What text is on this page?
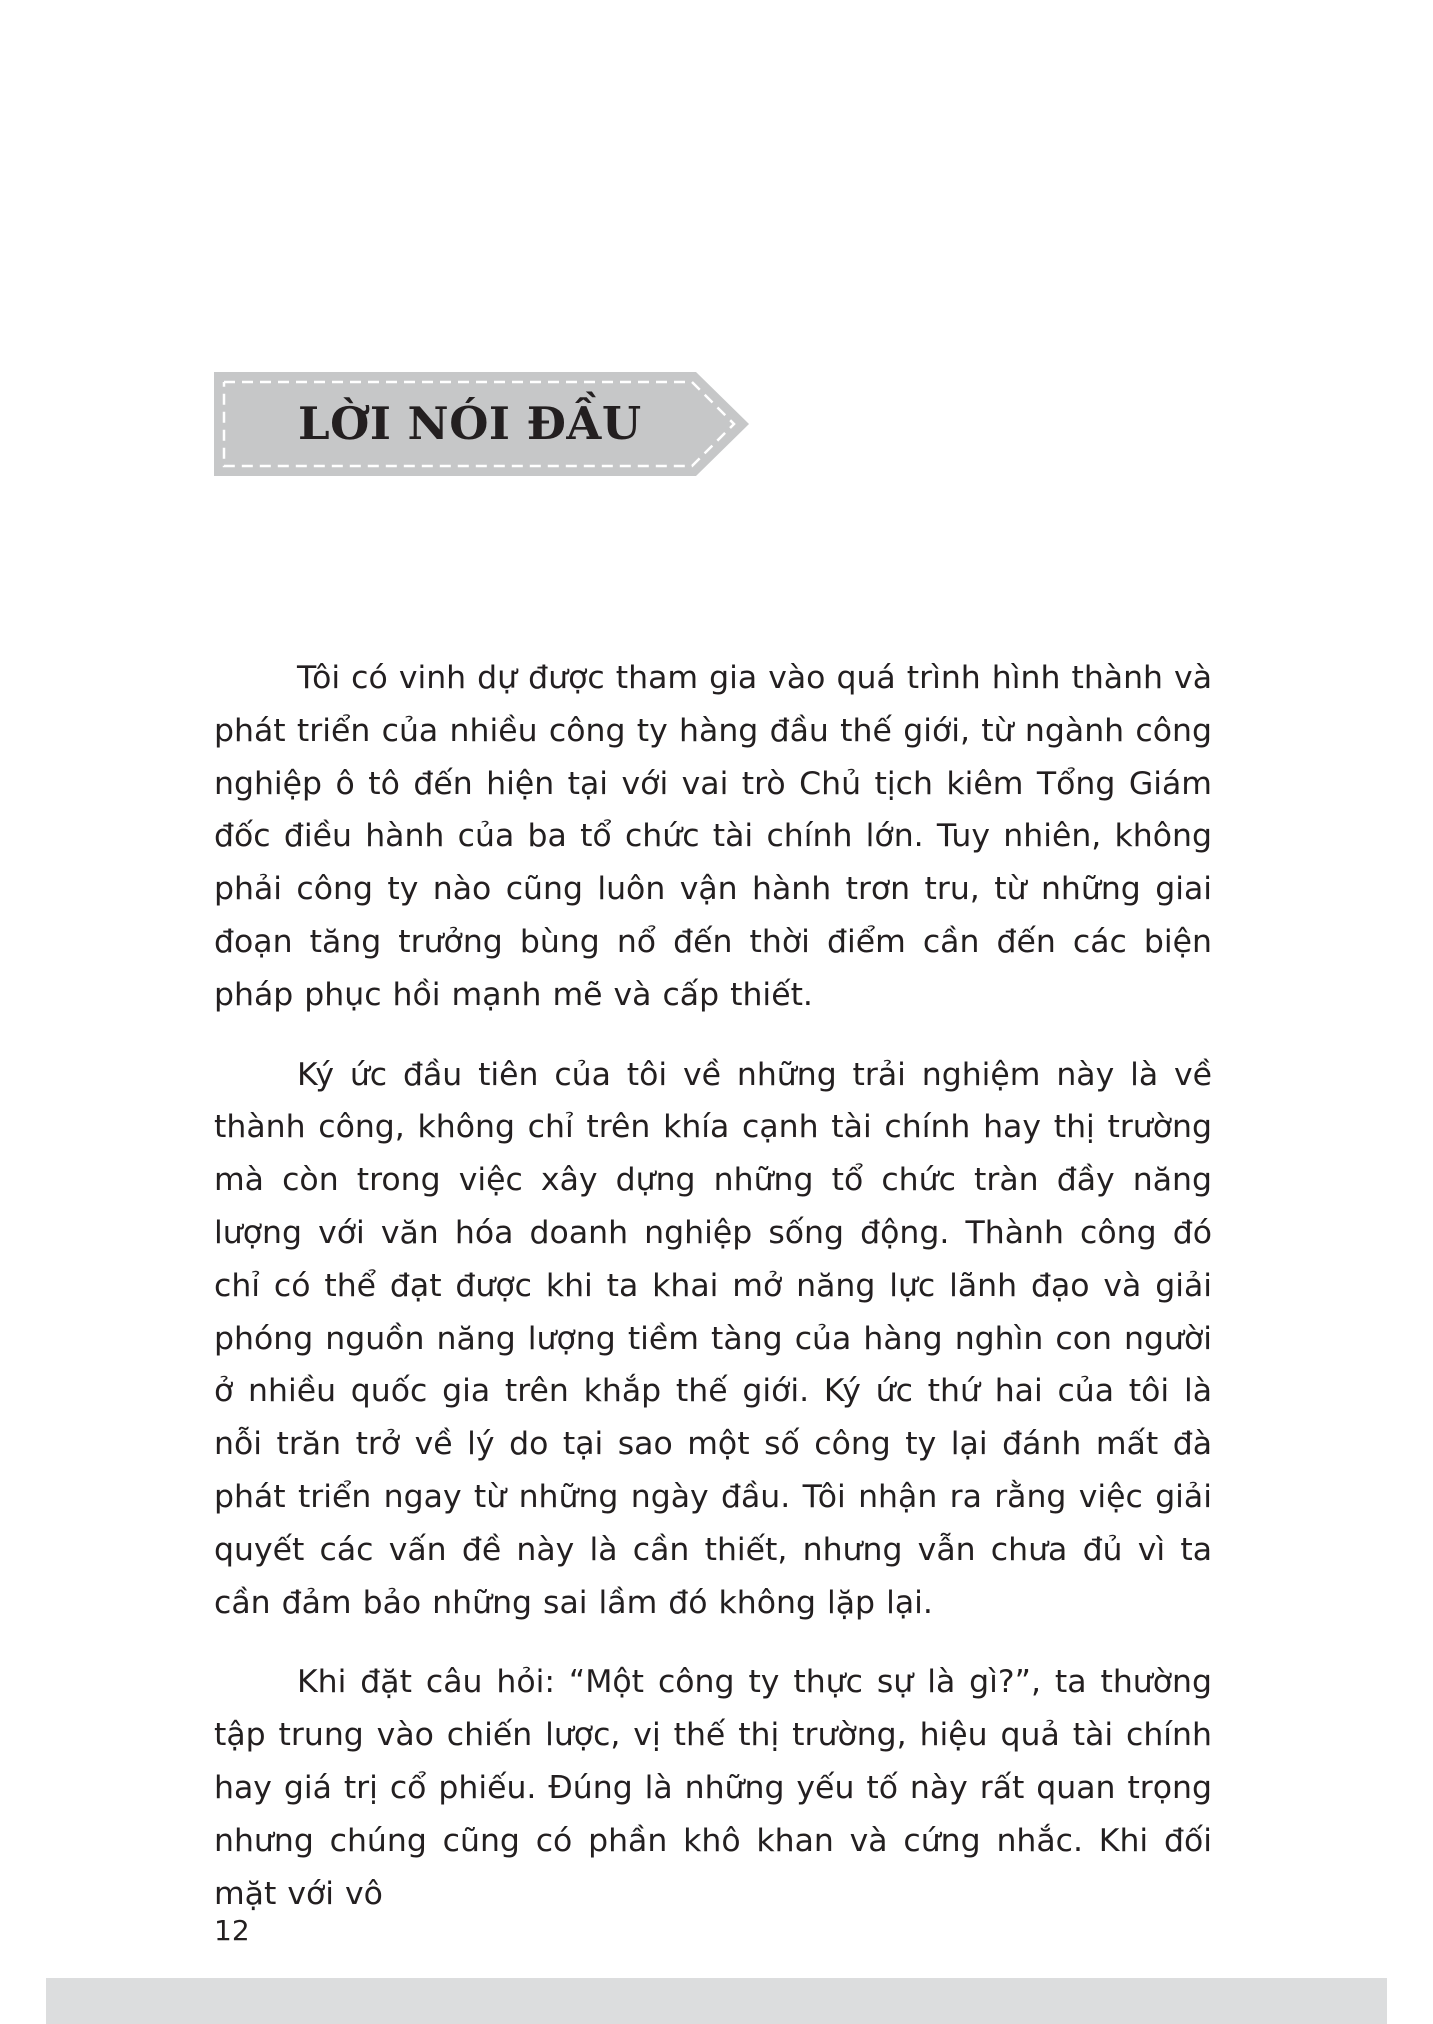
LỜI NÓI ĐẦU

Tôi có vinh dự được tham gia vào quá trình hình thành và phát triển của nhiều công ty hàng đầu thế giới, từ ngành công nghiệp ô tô đến hiện tại với vai trò Chủ tịch kiêm Tổng Giám đốc điều hành của ba tổ chức tài chính lớn. Tuy nhiên, không phải công ty nào cũng luôn vận hành trơn tru, từ những giai đoạn tăng trưởng bùng nổ đến thời điểm cần đến các biện pháp phục hồi mạnh mẽ và cấp thiết.

Ký ức đầu tiên của tôi về những trải nghiệm này là về thành công, không chỉ trên khía cạnh tài chính hay thị trường mà còn trong việc xây dựng những tổ chức tràn đầy năng lượng với văn hóa doanh nghiệp sống động. Thành công đó chỉ có thể đạt được khi ta khai mở năng lực lãnh đạo và giải phóng nguồn năng lượng tiềm tàng của hàng nghìn con người ở nhiều quốc gia trên khắp thế giới. Ký ức thứ hai của tôi là nỗi trăn trở về lý do tại sao một số công ty lại đánh mất đà phát triển ngay từ những ngày đầu. Tôi nhận ra rằng việc giải quyết các vấn đề này là cần thiết, nhưng vẫn chưa đủ vì ta cần đảm bảo những sai lầm đó không lặp lại.

Khi đặt câu hỏi: “Một công ty thực sự là gì?”, ta thường tập trung vào chiến lược, vị thế thị trường, hiệu quả tài chính hay giá trị cổ phiếu. Đúng là những yếu tố này rất quan trọng nhưng chúng cũng có phần khô khan và cứng nhắc. Khi đối mặt với vô

12
